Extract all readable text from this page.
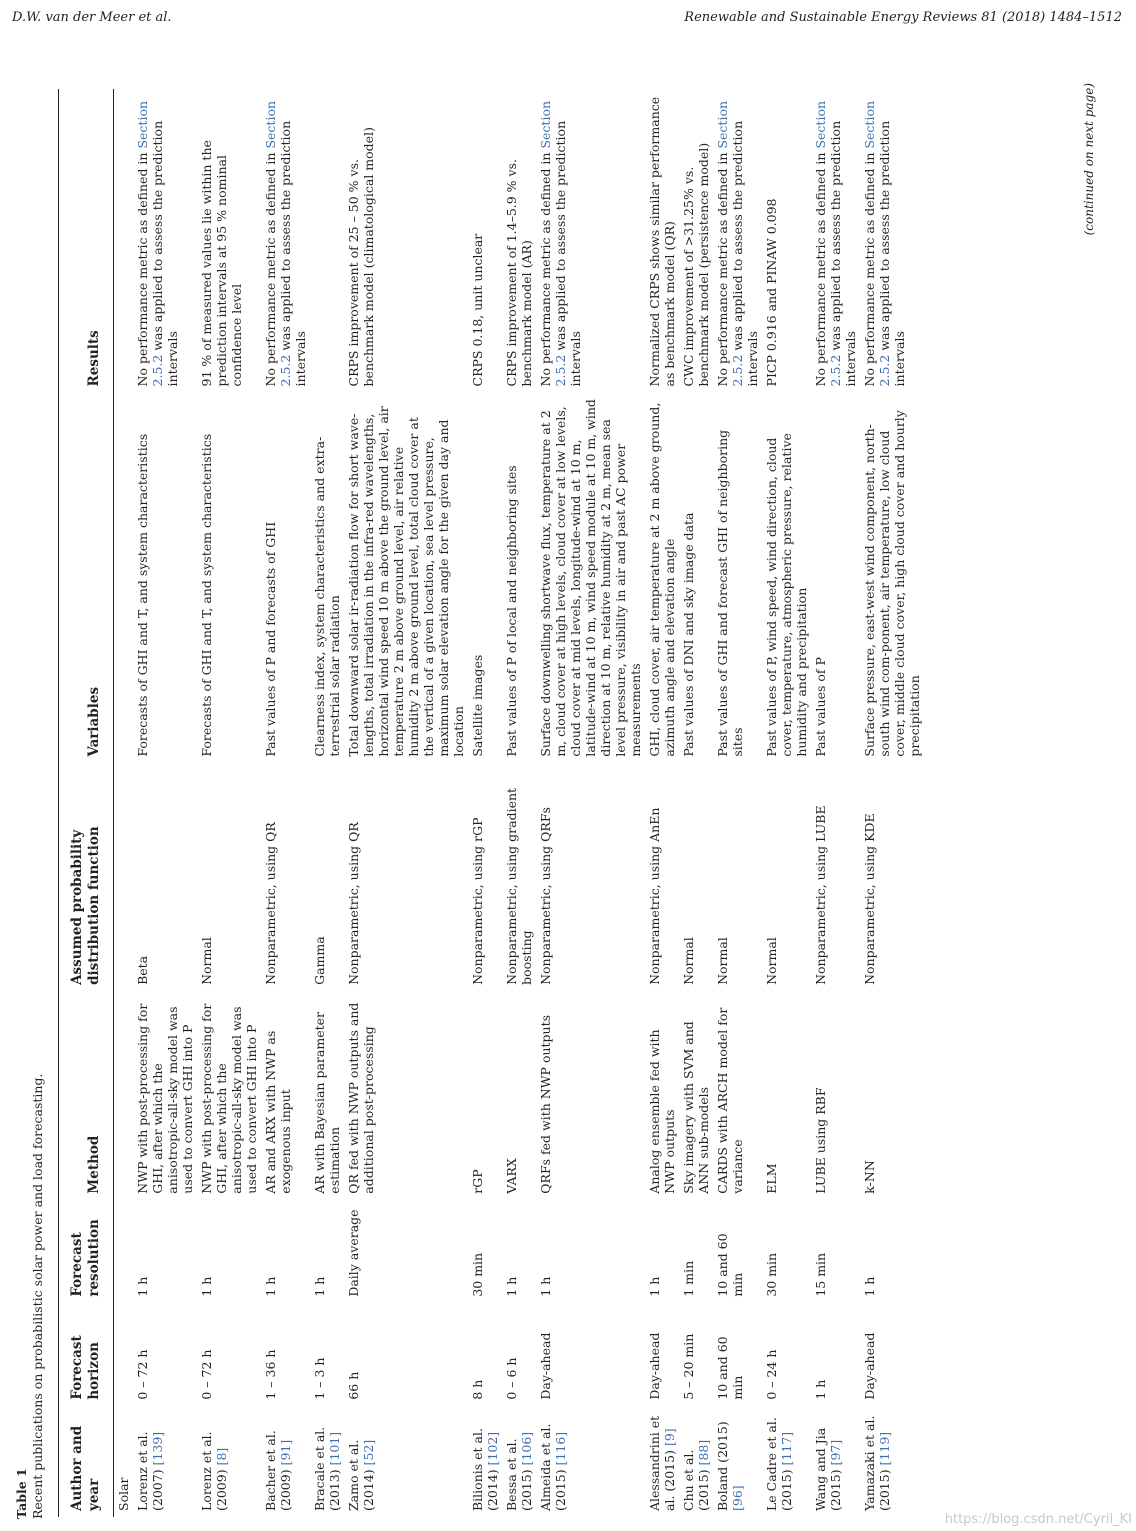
D.W. van der Meer et al.	Renewable and Sustainable Energy Reviews 81 (2018) 1484–1512
Table 1
Recent publications on probabilistic solar power and load forecasting. Author and year	Forecast horizon	Forecast resolution	Method	Assumed probability distribution function	Variables	Results
Solar						
Lorenz et al. (2007) [139]	0 – 72 h	1 h	NWP with post-processing for GHI, after which the anisotropic-all-sky model was used to convert GHI into P	Beta	Forecasts of GHI and T, and system characteristics	No performance metric as defined in Section 2.5.2 was applied to assess the prediction intervals
Lorenz et al. (2009) [8]	0 – 72 h	1 h	NWP with post-processing for GHI, after which the anisotropic-all-sky model was used to convert GHI into P	Normal	Forecasts of GHI and T, and system characteristics	91 % of measured values lie within the prediction intervals at 95 % nominal confidence level
Bacher et al. (2009) [91]	1 – 36 h	1 h	AR and ARX with NWP as exogenous input	Nonparametric, using QR	Past values of P and forecasts of GHI	No performance metric as defined in Section 2.5.2 was applied to assess the prediction intervals
Bracale et al. (2013) [101]	1 – 3 h	1 h	AR with Bayesian parameter estimation	Gamma	Clearness index, system characteristics and extra-terrestrial solar radiation	
Zamo et al. (2014) [52]	66 h	Daily average	QR fed with NWP outputs and additional post-processing	Nonparametric, using QR	Total downward solar ir-radiation flow for short wave-lengths, total irradiation in the infra-red wavelengths, horizontal wind speed 10 m above the ground level, air temperature 2 m above ground level, air relative humidity 2 m above ground level, total cloud cover at the vertical of a given location, sea level pressure, maximum solar elevation angle for the given day and location	CRPS improvement of 25 – 50 % vs. benchmark model (climatological model)
Bilionis et al. (2014) [102]	8 h	30 min	rGP	Nonparametric, using rGP	Satellite images	CRPS 0.18, unit unclear
Bessa et al. (2015) [106]	0 – 6 h	1 h	VARX	Nonparametric, using gradient boosting	Past values of P of local and neighboring sites	CRPS improvement of 1.4–5.9 % vs. benchmark model (AR)
Almeida et al. (2015) [116]	Day-ahead	1 h	QRFs fed with NWP outputs	Nonparametric, using QRFs	Surface downwelling shortwave flux, temperature at 2 m, cloud cover at high levels, cloud cover at low levels, cloud cover at mid levels, longitude-wind at 10 m, latitude-wind at 10 m, wind speed module at 10 m, wind direction at 10 m, relative humidity at 2 m, mean sea level pressure, visibility in air and past AC power measurements	No performance metric as defined in Section 2.5.2 was applied to assess the prediction intervals
Alessandrini et al. (2015) [9]	Day-ahead	1 h	Analog ensemble fed with NWP outputs	Nonparametric, using AnEn	GHI, cloud cover, air temperature at 2 m above ground, azimuth angle and elevation angle	Normalized CRPS shows similar performance as benchmark model (QR)
Chu et al. (2015) [88]	5 – 20 min	1 min	Sky imagery with SVM and ANN sub-models	Normal	Past values of DNI and sky image data	CWC improvement of >31.25% vs. benchmark model (persistence model)
Boland (2015) [96]	10 and 60 min	10 and 60 min	CARDS with ARCH model for variance	Normal	Past values of GHI and forecast GHI of neighboring sites	No performance metric as defined in Section 2.5.2 was applied to assess the prediction intervals
Le Cadre et al. (2015) [117]	0 – 24 h	30 min	ELM	Normal	Past values of P, wind speed, wind direction, cloud cover, temperature, atmospheric pressure, relative humidity and precipitation	PICP 0.916 and PINAW 0.098
Wang and Jia (2015) [97]	1 h	15 min	LUBE using RBF	Nonparametric, using LUBE	Past values of P	No performance metric as defined in Section 2.5.2 was applied to assess the prediction intervals
Yamazaki et al. (2015) [119]	Day-ahead	1 h	k-NN	Nonparametric, using KDE	Surface pressure, east-west wind component, north-south wind com-ponent, air temperature, low cloud cover, middle cloud cover, high cloud cover and hourly precipitation	No performance metric as defined in Section 2.5.2 was applied to assess the prediction intervals
(continued on next page)
https://blog.csdn.net/Cyril_KI
